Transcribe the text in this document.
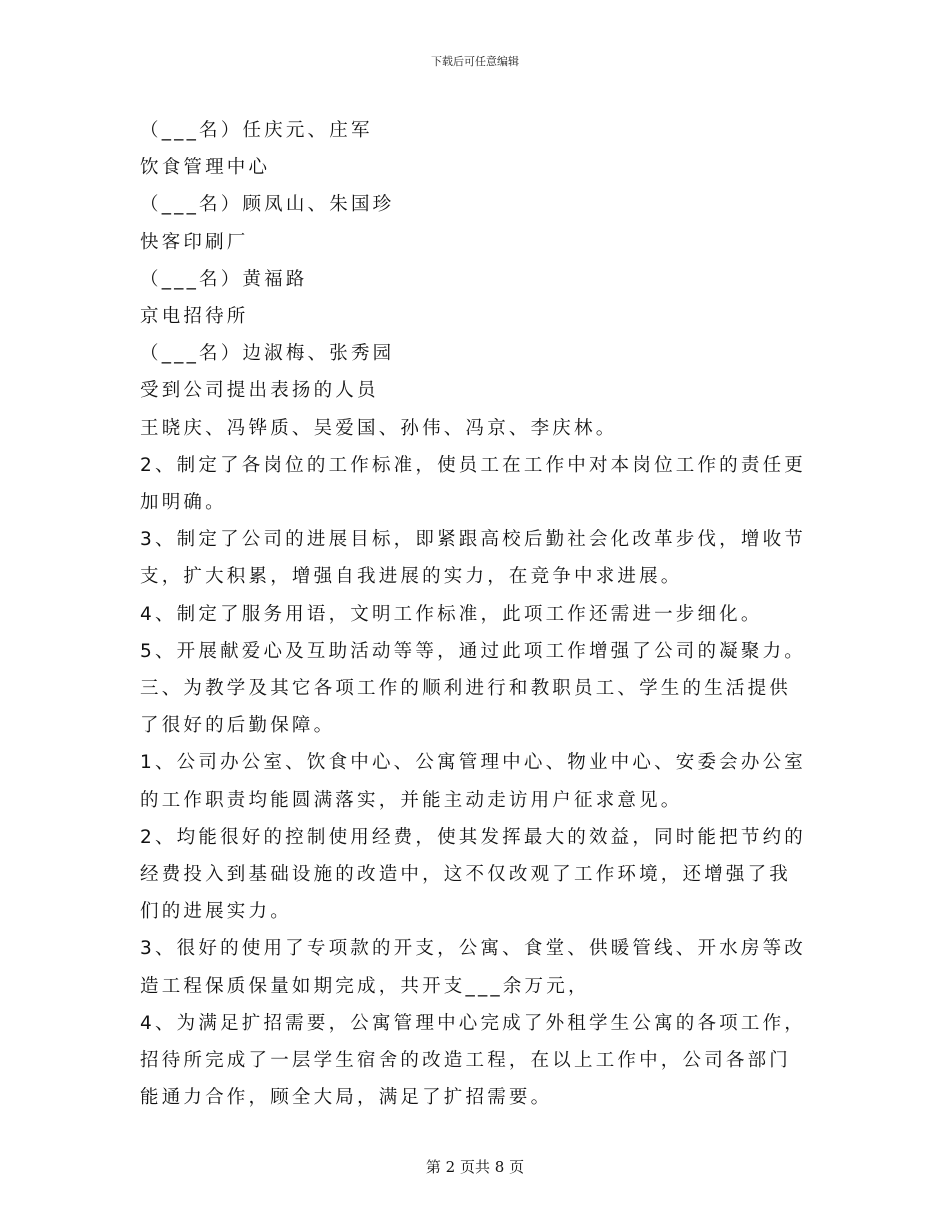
下载后可任意编辑
（___名）任庆元、庄军
饮食管理中心
（___名）顾凤山、朱国珍
快客印刷厂
（___名）黄福路
京电招待所
（___名）边淑梅、张秀园
受到公司提出表扬的人员
王晓庆、冯铧质、吴爱国、孙伟、冯京、李庆林。
2、制定了各岗位的工作标准，使员工在工作中对本岗位工作的责任更
加明确。
3、制定了公司的进展目标，即紧跟高校后勤社会化改革步伐，增收节
支，扩大积累，增强自我进展的实力，在竞争中求进展。
4、制定了服务用语，文明工作标准，此项工作还需进一步细化。
5、开展献爱心及互助活动等等，通过此项工作增强了公司的凝聚力。
三、为教学及其它各项工作的顺利进行和教职员工、学生的生活提供
了很好的后勤保障。
1、公司办公室、饮食中心、公寓管理中心、物业中心、安委会办公室
的工作职责均能圆满落实，并能主动走访用户征求意见。
2、均能很好的控制使用经费，使其发挥最大的效益，同时能把节约的
经费投入到基础设施的改造中，这不仅改观了工作环境，还增强了我
们的进展实力。
3、很好的使用了专项款的开支，公寓、食堂、供暖管线、开水房等改
造工程保质保量如期完成，共开支___余万元，
4、为满足扩招需要，公寓管理中心完成了外租学生公寓的各项工作，
招待所完成了一层学生宿舍的改造工程，在以上工作中，公司各部门
能通力合作，顾全大局，满足了扩招需要。
第 2 页共 8 页
